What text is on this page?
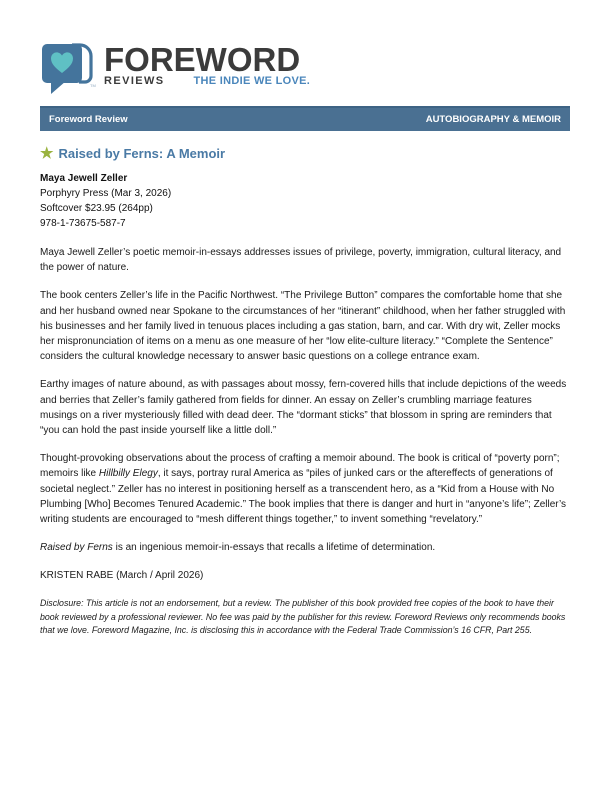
TM
FOREWORD
REVIEWS	THE INDIE WE LOVE.
Foreword Review	AUTOBIOGRAPHY & MEMOIR
★ Raised by Ferns: A Memoir
Maya Jewell Zeller
Porphyry Press (Mar 3, 2026)
Softcover $23.95 (264pp)
978-1-73675-587-7

Maya Jewell Zeller’s poetic memoir-in-essays addresses issues of privilege, poverty, immigration, cultural literacy, and the power of nature.

The book centers Zeller’s life in the Pacific Northwest. “The Privilege Button” compares the comfortable home that she and her husband owned near Spokane to the circumstances of her “itinerant” childhood, when her father struggled with his businesses and her family lived in tenuous places including a gas station, barn, and car. With dry wit, Zeller mocks her mispronunciation of items on a menu as one measure of her “low elite-culture literacy.” “Complete the Sentence” considers the cultural knowledge necessary to answer basic questions on a college entrance exam.

Earthy images of nature abound, as with passages about mossy, fern-covered hills that include depictions of the weeds and berries that Zeller’s family gathered from fields for dinner. An essay on Zeller’s crumbling marriage features musings on a river mysteriously filled with dead deer. The “dormant sticks” that blossom in spring are reminders that “you can hold the past inside yourself like a little doll.”

Thought-provoking observations about the process of crafting a memoir abound. The book is critical of “poverty porn”; memoirs like Hillbilly Elegy, it says, portray rural America as “piles of junked cars or the aftereffects of generations of societal neglect.” Zeller has no interest in positioning herself as a transcendent hero, as a “Kid from a House with No Plumbing [Who] Becomes Tenured Academic.” The book implies that there is danger and hurt in “anyone’s life”; Zeller’s writing students are encouraged to “mesh different things together,” to invent something “revelatory.”

Raised by Ferns is an ingenious memoir-in-essays that recalls a lifetime of determination.

KRISTEN RABE (March / April 2026)
Disclosure: This article is not an endorsement, but a review. The publisher of this book provided free copies of the book to have their book reviewed by a professional reviewer. No fee was paid by the publisher for this review. Foreword Reviews only recommends books that we love. Foreword Magazine, Inc. is disclosing this in accordance with the Federal Trade Commission’s 16 CFR, Part 255.
